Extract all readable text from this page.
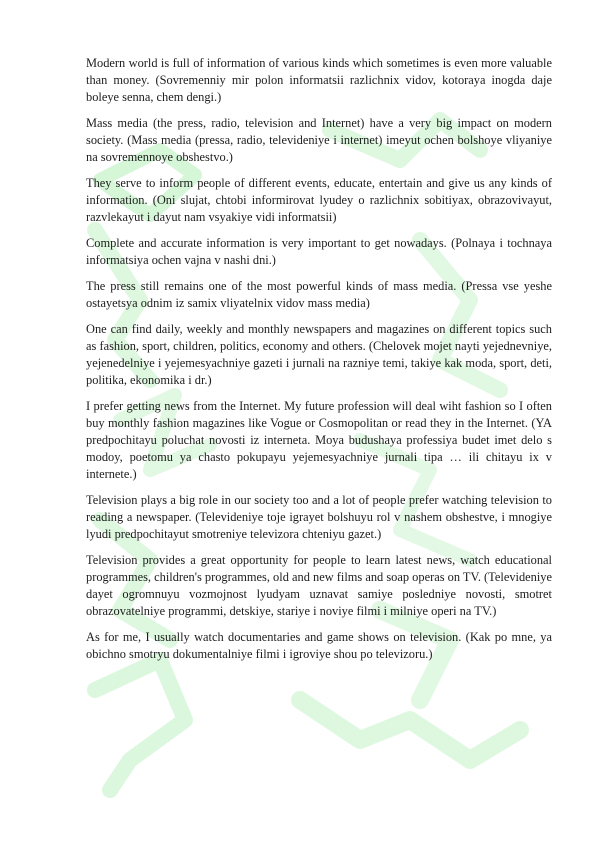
Modern world is full of information of various kinds which sometimes is even more valuable than money. (Sovremenniy mir polon informatsii razlichnix vidov, kotoraya inogda daje boleye senna, chem dengi.)

Mass media (the press, radio, television and Internet) have a very big impact on modern society. (Mass media (pressa, radio, televideniye i internet) imeyut ochen bolshoye vliyaniye na sovremennoye obshestvo.)

They serve to inform people of different events, educate, entertain and give us any kinds of information. (Oni slujat, chtobi informirovat lyudey o razlichnix sobitiyax, obrazovivayut, razvlekayut i dayut nam vsyakiye vidi informatsii)

Complete and accurate information is very important to get nowadays. (Polnaya i tochnaya informatsiya ochen vajna v nashi dni.)

The press still remains one of the most powerful kinds of mass media. (Pressa vse yeshe ostayetsya odnim iz samix vliyatelnix vidov mass media)

One can find daily, weekly and monthly newspapers and magazines on different topics such as fashion, sport, children, politics, economy and others. (Chelovek mojet nayti yejednevniye, yejenedelniye i yejemesyachniye gazeti i jurnali na razniye temi, takiye kak moda, sport, deti, politika, ekonomika i dr.)

I prefer getting news from the Internet. My future profession will deal wiht fashion so I often buy monthly fashion magazines like Vogue or Cosmopolitan or read they in the Internet. (YA predpochitayu poluchat novosti iz interneta. Moya budushaya professiya budet imet delo s modoy, poetomu ya chasto pokupayu yejemesyachniye jurnali tipa … ili chitayu ix v internete.)

Television plays a big role in our society too and a lot of people prefer watching television to reading a newspaper. (Televideniye toje igrayet bolshuyu rol v nashem obshestve, i mnogiye lyudi predpochitayut smotreniye televizora chteniyu gazet.)

Television provides a great opportunity for people to learn latest news, watch educational programmes, children's programmes, old and new films and soap operas on TV. (Televideniye dayet ogromnuyu vozmojnost lyudyam uznavat samiye posledniye novosti, smotret obrazovatelniye programmi, detskiye, stariye i noviye filmi i milniye operi na TV.)

As for me, I usually watch documentaries and game shows on television. (Kak po mne, ya obichno smotryu dokumentalniye filmi i igroviye shou po televizoru.)
